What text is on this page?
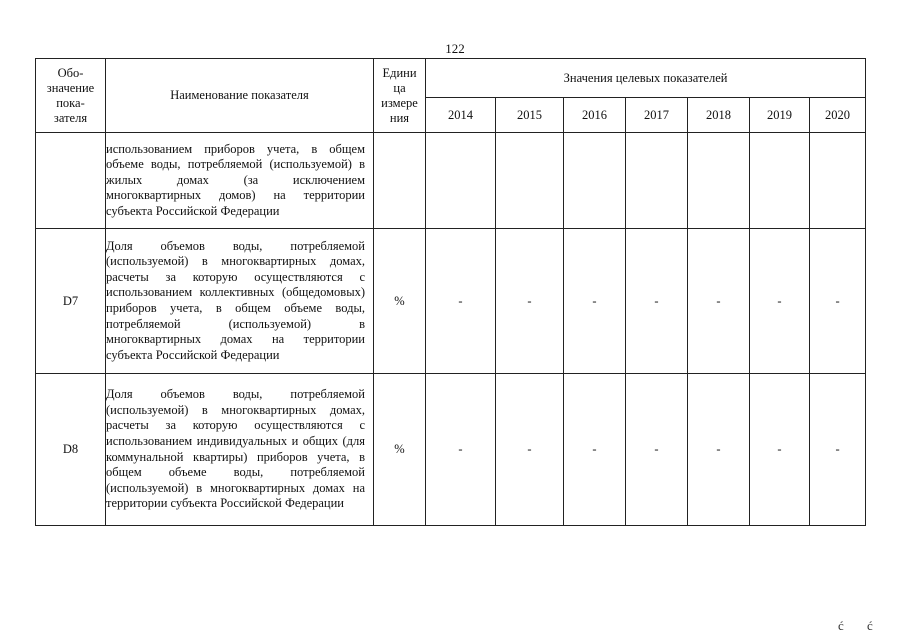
122
Обо-
значение
пока-
зателя	Наименование показателя	Едини
ца
измере
ния	Значения целевых показателей						
			2014	2015	2016	2017	2018	2019	2020
	использованием приборов учета, в общем объеме воды, потребляемой (используемой) в жилых домах (за исключением многоквартирных домов) на территории субъекта Российской Федерации								
D7	Доля объемов воды, потребляемой (используемой) в многоквартирных домах, расчеты за которую осуществляются с использованием коллективных (общедомовых) приборов учета, в общем объеме воды, потребляемой (используемой) в многоквартирных домах на территории субъекта Российской Федерации	%	-	-	-	-	-	-	-
D8	Доля объемов воды, потребляемой (используемой) в многоквартирных домах, расчеты за которую осуществляются с использованием индивидуальных и общих (для коммунальной квартиры) приборов учета, в общем объеме воды, потребляемой (используемой) в многоквартирных домах на территории субъекта Российской Федерации	%	-	-	-	-	-	-	-
ć ć
